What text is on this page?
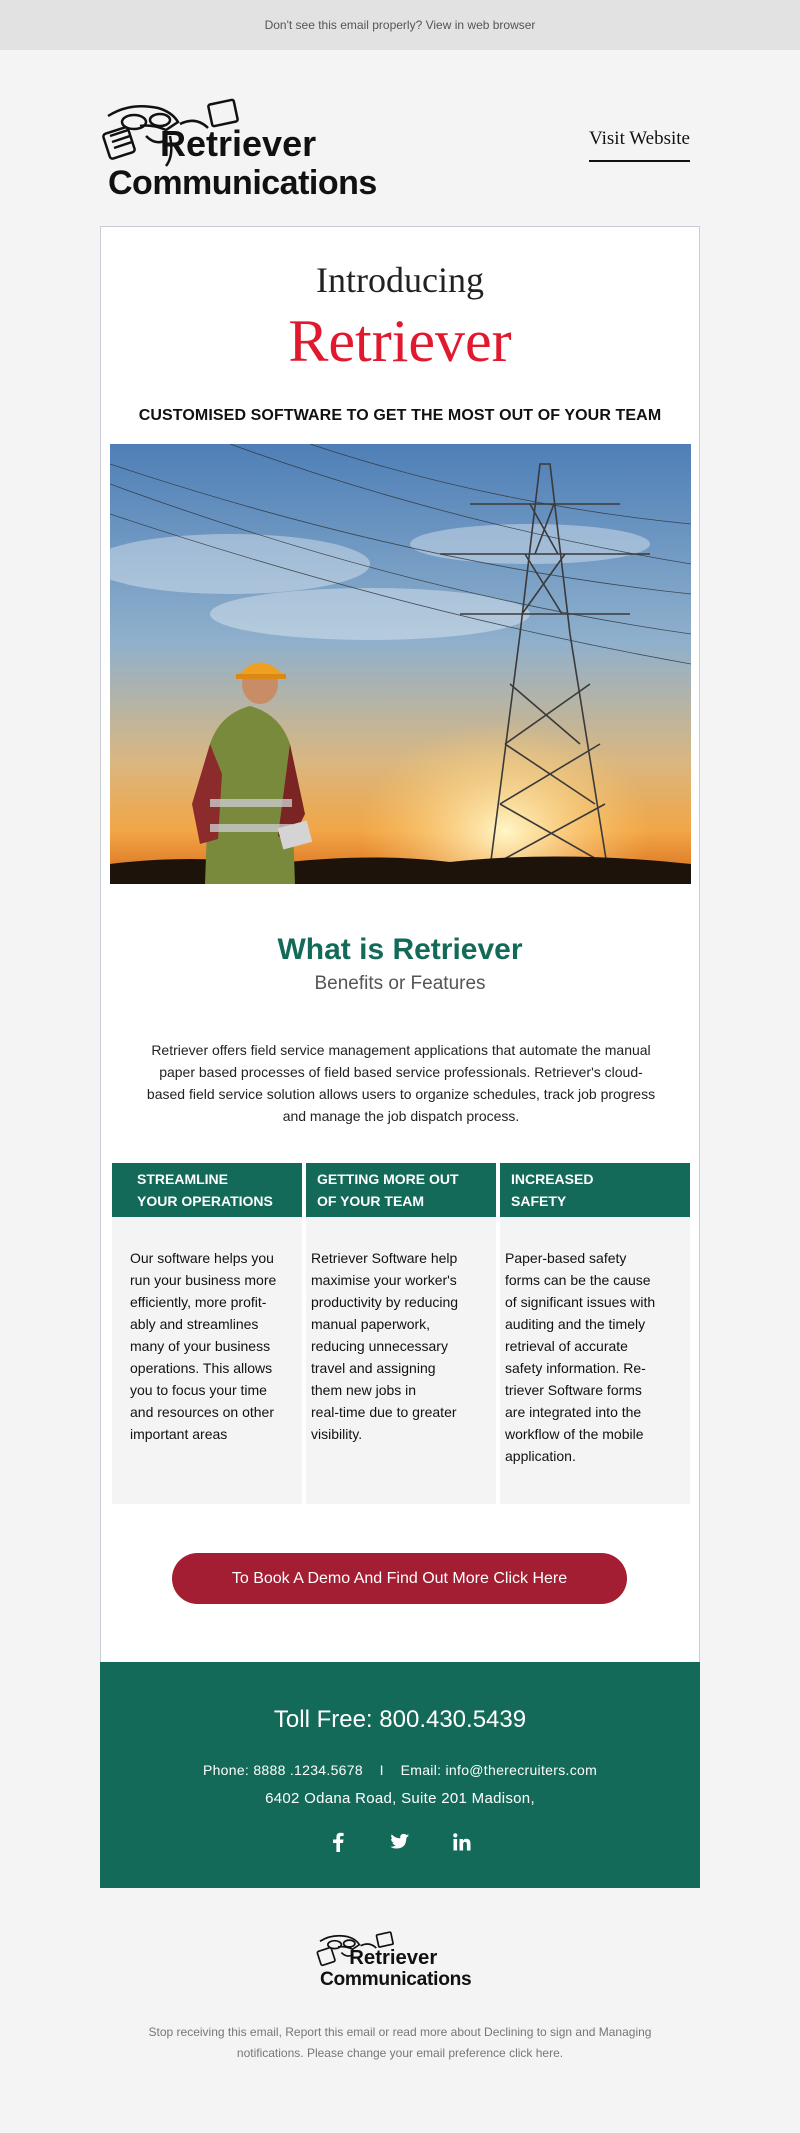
Don't see this email properly? View in web browser
Retriever
Communications
Visit Website
Introducing
Retriever
CUSTOMISED SOFTWARE TO GET THE MOST OUT OF YOUR TEAM
What is Retriever
Benefits or Features
Retriever offers field service management applications that automate the manual paper based processes of field based service professionals. Retriever's cloud-based field service solution allows users to organize schedules, track job progress and manage the job dispatch process.
STREAMLINE
YOUR OPERATIONS
Our software helps you
run your business more
efficiently, more profit-
ably and streamlines
many of your business
operations. This allows
you to focus your time
and resources on other
important areas
GETTING MORE OUT
OF YOUR TEAM
Retriever Software help
maximise your worker's
productivity by reducing
manual paperwork,
reducing unnecessary
travel and assigning
them new jobs in
real-time due to greater
visibility.
INCREASED
SAFETY
Paper-based safety
forms can be the cause
of significant issues with
auditing and the timely
retrieval of accurate
safety information. Re-
triever Software forms
are integrated into the
workflow of the mobile
application.
To Book A Demo And Find Out More Click Here
Toll Free: 800.430.5439
Phone: 8888 .1234.5678    I    Email: info@therecruiters.com
6402 Odana Road, Suite 201 Madison,
Retriever
Communications
Stop receiving this email, Report this email or read more about Declining to sign and Managing notifications. Please change your email preference click here.
